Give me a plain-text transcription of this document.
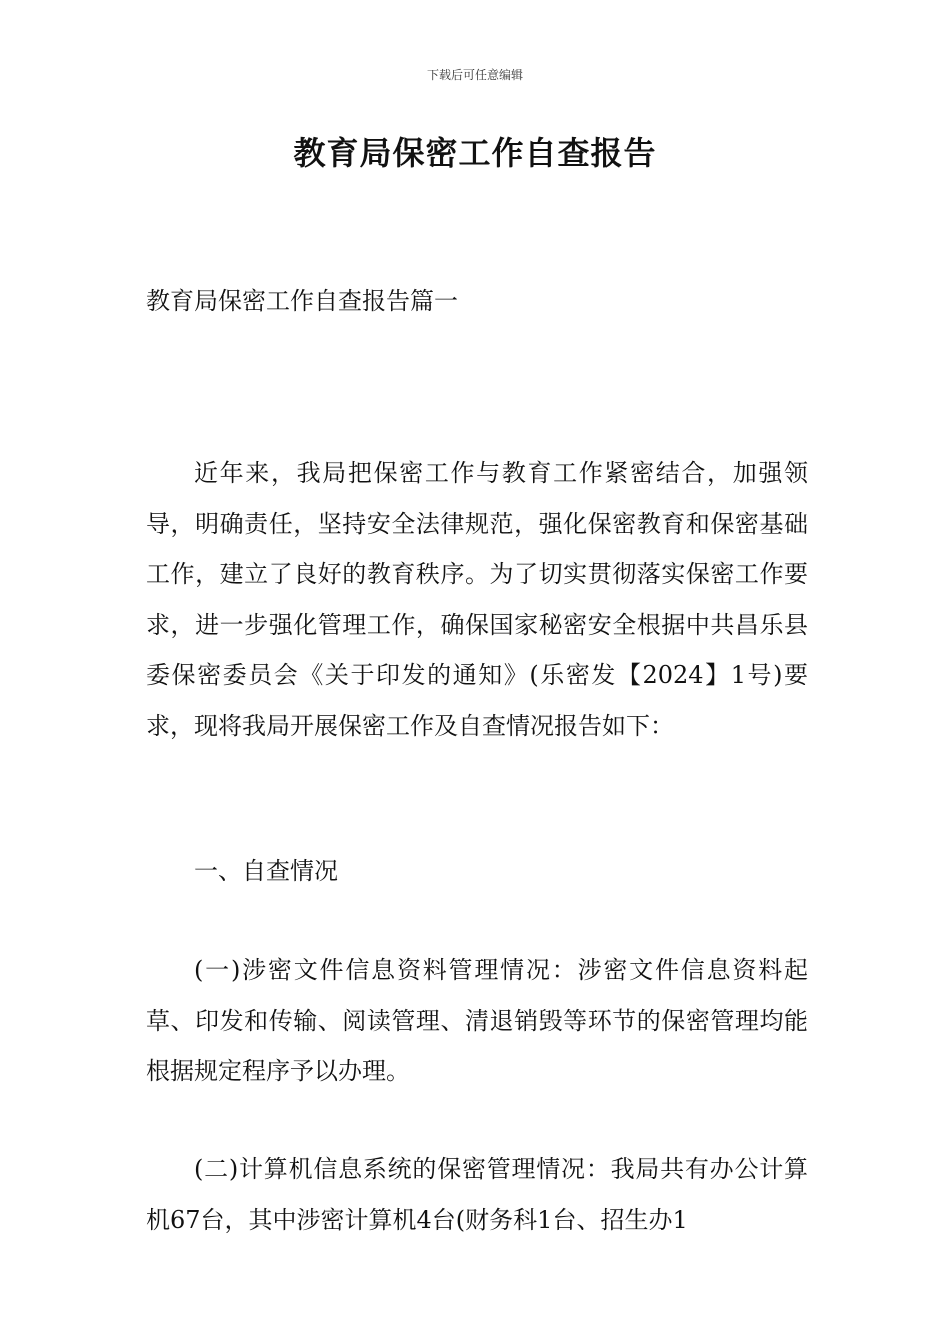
下载后可任意编辑
教育局保密工作自查报告
教育局保密工作自查报告篇一

近年来，我局把保密工作与教育工作紧密结合，加强领导，明确责任，坚持安全法律规范，强化保密教育和保密基础工作，建立了良好的教育秩序。为了切实贯彻落实保密工作要求，进一步强化管理工作，确保国家秘密安全根据中共昌乐县委保密委员会《关于印发的通知》(乐密发【2024】1号)要求，现将我局开展保密工作及自查情况报告如下：

一、自查情况

(一)涉密文件信息资料管理情况：涉密文件信息资料起草、印发和传输、阅读管理、清退销毁等环节的保密管理均能根据规定程序予以办理。

(二)计算机信息系统的保密管理情况：我局共有办公计算机67台，其中涉密计算机4台(财务科1台、招生办1
